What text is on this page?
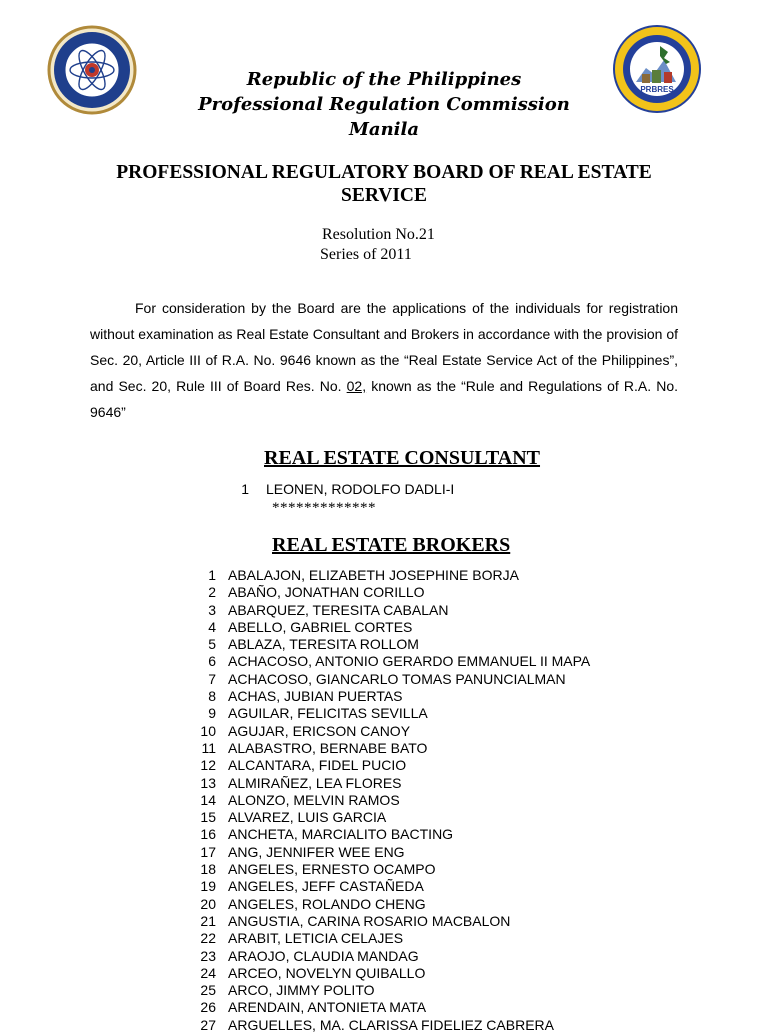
PRBRES
Republic of the Philippines
Professional Regulation Commission
Manila
PROFESSIONAL REGULATORY BOARD OF REAL ESTATE SERVICE
Resolution No.21
Series of 2011

For consideration by the Board are the applications of the individuals for registration without examination as Real Estate Consultant and Brokers in accordance with the provision of Sec. 20, Article III of R.A. No. 9646 known as the “Real Estate Service Act of the Philippines”, and Sec. 20, Rule III of Board Res. No. 02, known as the “Rule and Regulations of R.A. No. 9646”

REAL ESTATE CONSULTANT
1	LEONEN, RODOLFO DADLI-I
*************
REAL ESTATE BROKERS
1 ABALAJON, ELIZABETH JOSEPHINE BORJA
2 ABAÑO, JONATHAN CORILLO
3 ABARQUEZ, TERESITA CABALAN
4 ABELLO, GABRIEL CORTES
5 ABLAZA, TERESITA ROLLOM
6 ACHACOSO, ANTONIO GERARDO EMMANUEL II MAPA
7 ACHACOSO, GIANCARLO TOMAS PANUNCIALMAN
8 ACHAS, JUBIAN PUERTAS
9 AGUILAR, FELICITAS SEVILLA
10 AGUJAR, ERICSON CANOY
11 ALABASTRO, BERNABE BATO
12 ALCANTARA, FIDEL PUCIO
13 ALMIRAÑEZ, LEA FLORES
14 ALONZO, MELVIN RAMOS
15 ALVAREZ, LUIS GARCIA
16 ANCHETA, MARCIALITO BACTING
17 ANG, JENNIFER WEE ENG
18 ANGELES, ERNESTO OCAMPO
19 ANGELES, JEFF CASTAÑEDA
20 ANGELES, ROLANDO CHENG
21 ANGUSTIA, CARINA ROSARIO MACBALON
22 ARABIT, LETICIA CELAJES
23 ARAOJO, CLAUDIA MANDAG
24 ARCEO, NOVELYN QUIBALLO
25 ARCO, JIMMY POLITO
26 ARENDAIN, ANTONIETA MATA
27 ARGUELLES, MA. CLARISSA FIDELIEZ CABRERA
